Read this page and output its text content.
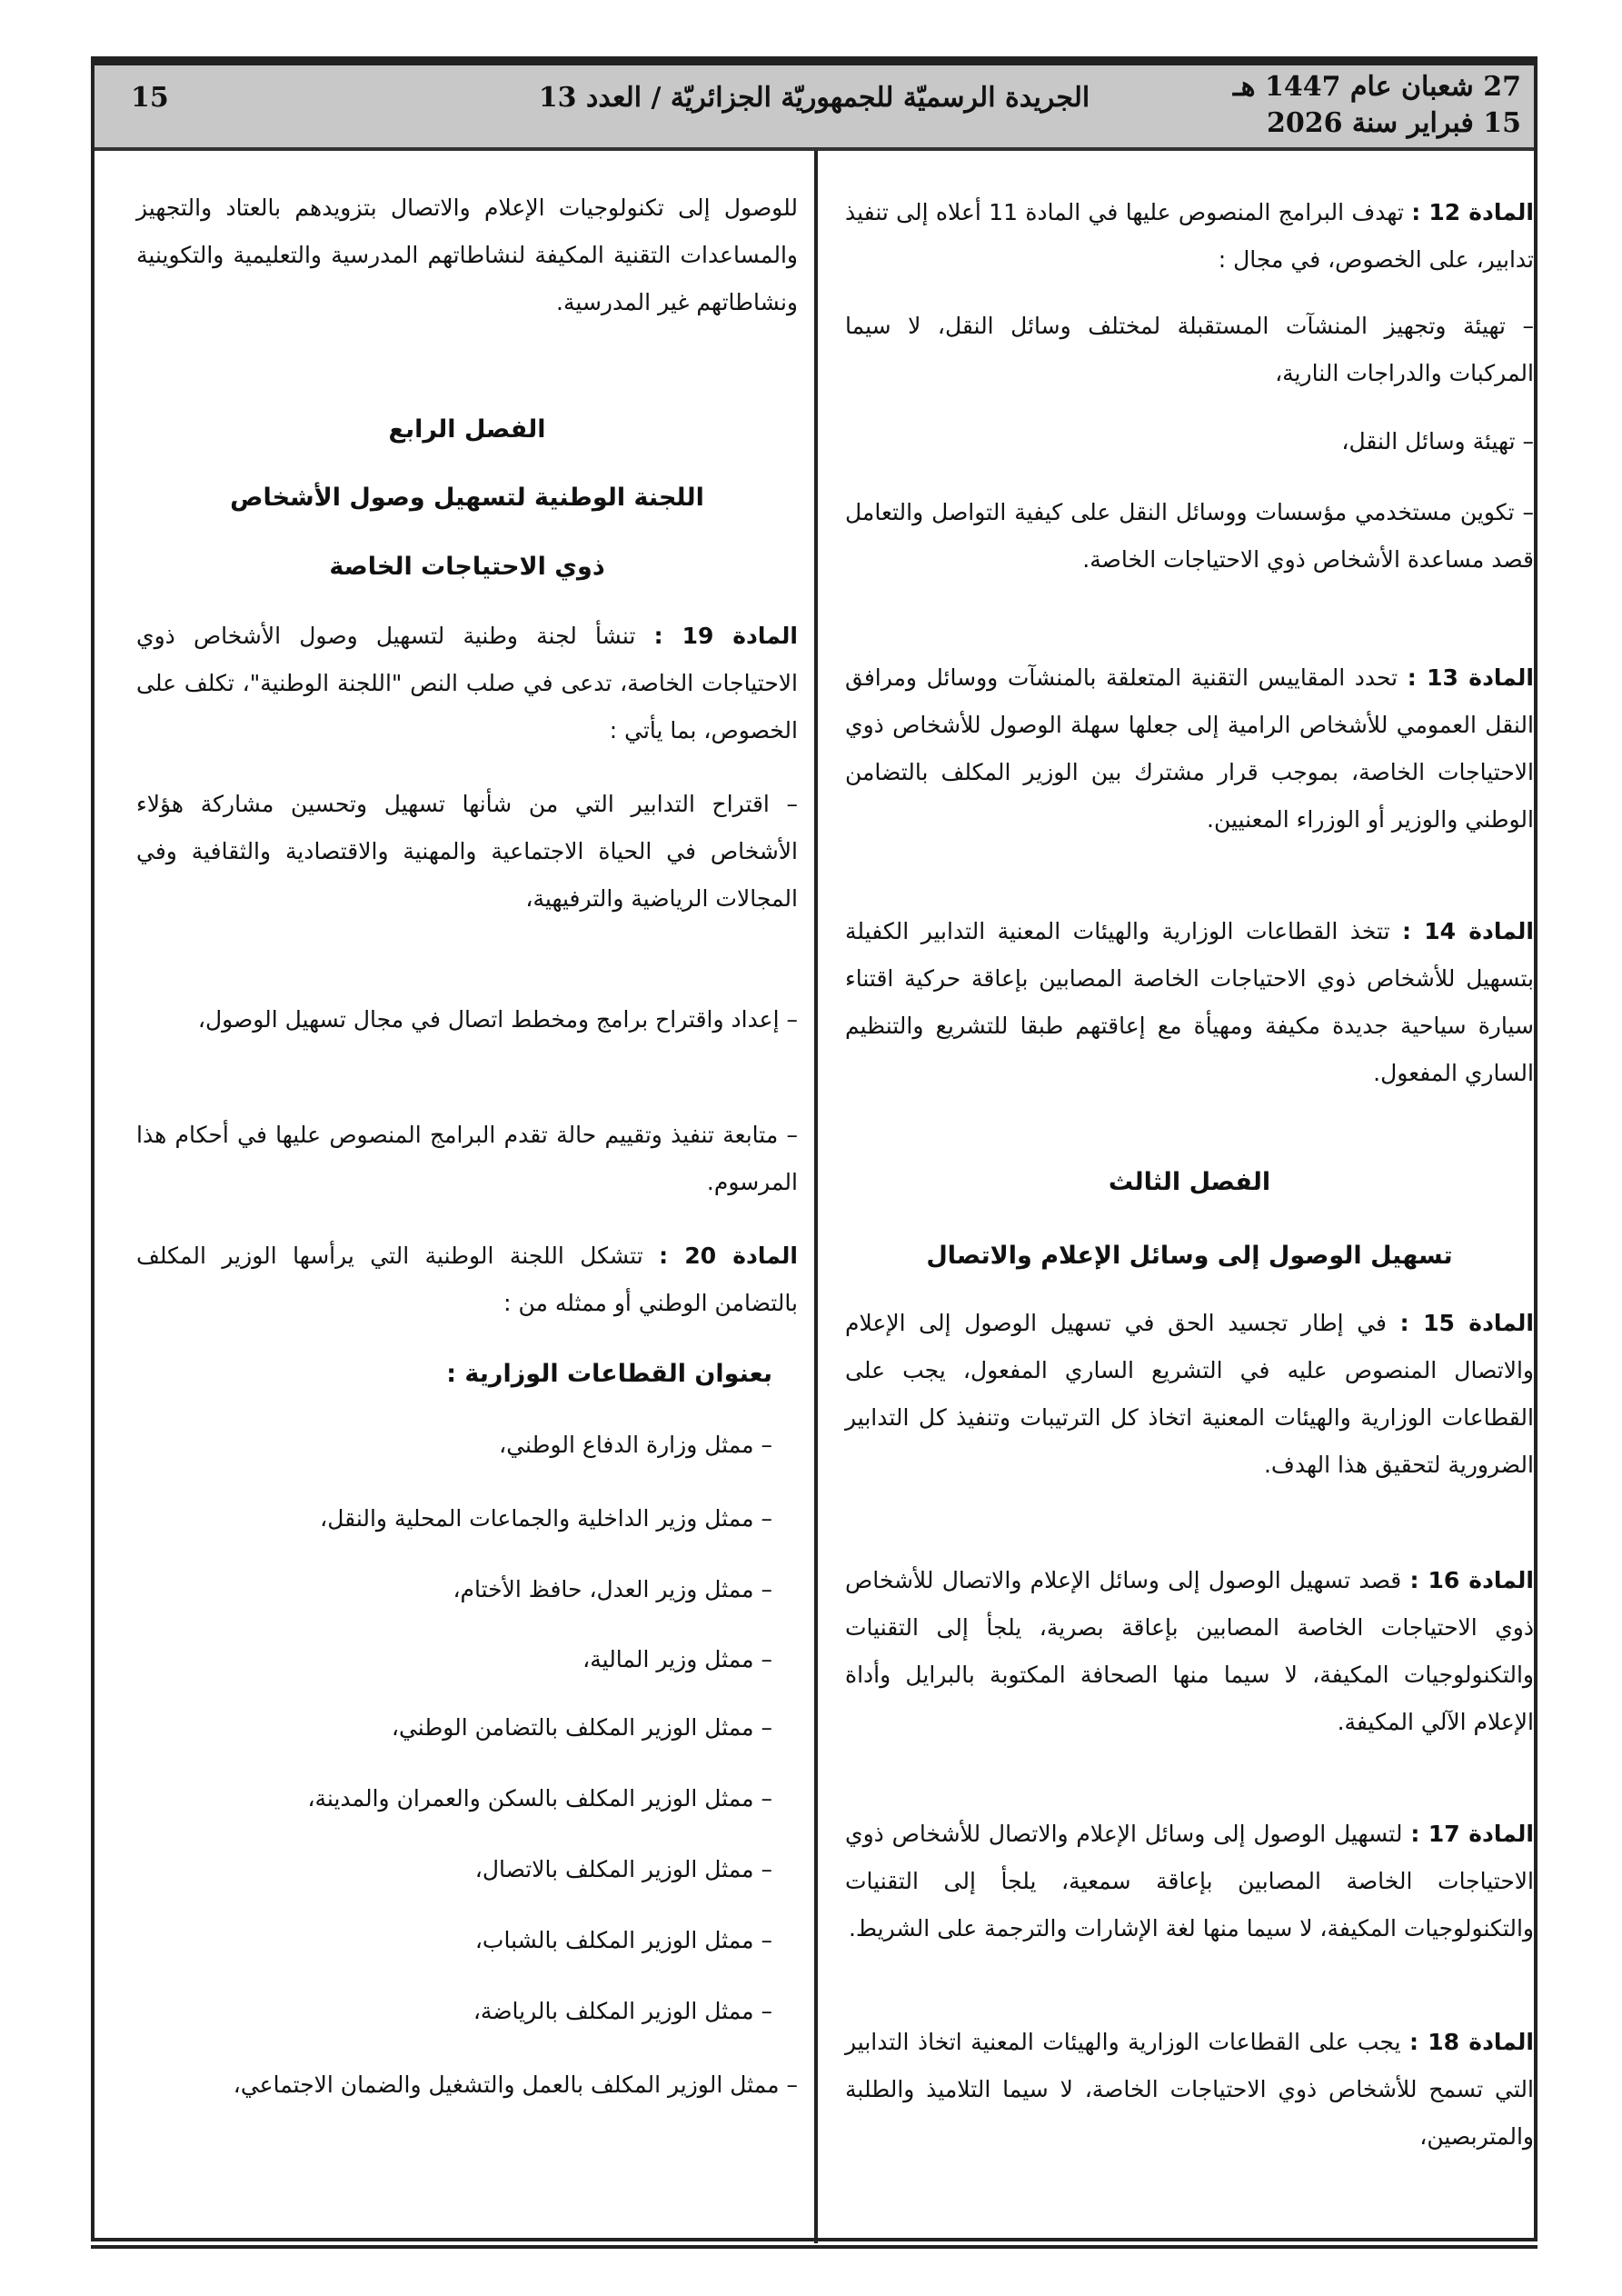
27 شعبان عام 1447 هـ
15 فبراير سنة 2026
الجريدة الرسميّة للجمهوريّة الجزائريّة / العدد 13
15
المادة 12 : تهدف البرامج المنصوص عليها في المادة 11 أعلاه إلى تنفيذ تدابير، على الخصوص، في مجال :
– تهيئة وتجهيز المنشآت المستقبلة لمختلف وسائل النقل، لا سيما المركبات والدراجات النارية،
– تهيئة وسائل النقل،
– تكوين مستخدمي مؤسسات ووسائل النقل على كيفية التواصل والتعامل قصد مساعدة الأشخاص ذوي الاحتياجات الخاصة.
المادة 13 : تحدد المقاييس التقنية المتعلقة بالمنشآت ووسائل ومرافق النقل العمومي للأشخاص الرامية إلى جعلها سهلة الوصول للأشخاص ذوي الاحتياجات الخاصة، بموجب قرار مشترك بين الوزير المكلف بالتضامن الوطني والوزير أو الوزراء المعنيين.
المادة 14 : تتخذ القطاعات الوزارية والهيئات المعنية التدابير الكفيلة بتسهيل للأشخاص ذوي الاحتياجات الخاصة المصابين بإعاقة حركية اقتناء سيارة سياحية جديدة مكيفة ومهيأة مع إعاقتهم طبقا للتشريع والتنظيم الساري المفعول.
الفصل الثالث
تسهيل الوصول إلى وسائل الإعلام والاتصال
المادة 15 : في إطار تجسيد الحق في تسهيل الوصول إلى الإعلام والاتصال المنصوص عليه في التشريع الساري المفعول، يجب على القطاعات الوزارية والهيئات المعنية اتخاذ كل الترتيبات وتنفيذ كل التدابير الضرورية لتحقيق هذا الهدف.
المادة 16 : قصد تسهيل الوصول إلى وسائل الإعلام والاتصال للأشخاص ذوي الاحتياجات الخاصة المصابين بإعاقة بصرية، يلجأ إلى التقنيات والتكنولوجيات المكيفة، لا سيما منها الصحافة المكتوبة بالبرايل وأداة الإعلام الآلي المكيفة.
المادة 17 : لتسهيل الوصول إلى وسائل الإعلام والاتصال للأشخاص ذوي الاحتياجات الخاصة المصابين بإعاقة سمعية، يلجأ إلى التقنيات والتكنولوجيات المكيفة، لا سيما منها لغة الإشارات والترجمة على الشريط.
المادة 18 : يجب على القطاعات الوزارية والهيئات المعنية اتخاذ التدابير التي تسمح للأشخاص ذوي الاحتياجات الخاصة، لا سيما التلاميذ والطلبة والمتربصين،
للوصول إلى تكنولوجيات الإعلام والاتصال بتزويدهم بالعتاد والتجهيز والمساعدات التقنية المكيفة لنشاطاتهم المدرسية والتعليمية والتكوينية ونشاطاتهم غير المدرسية.
الفصل الرابع
اللجنة الوطنية لتسهيل وصول الأشخاص
ذوي الاحتياجات الخاصة
المادة 19 : تنشأ لجنة وطنية لتسهيل وصول الأشخاص ذوي الاحتياجات الخاصة، تدعى في صلب النص "اللجنة الوطنية"، تكلف على الخصوص، بما يأتي :
– اقتراح التدابير التي من شأنها تسهيل وتحسين مشاركة هؤلاء الأشخاص في الحياة الاجتماعية والمهنية والاقتصادية والثقافية وفي المجالات الرياضية والترفيهية،
– إعداد واقتراح برامج ومخطط اتصال في مجال تسهيل الوصول،
– متابعة تنفيذ وتقييم حالة تقدم البرامج المنصوص عليها في أحكام هذا المرسوم.
المادة 20 : تتشكل اللجنة الوطنية التي يرأسها الوزير المكلف بالتضامن الوطني أو ممثله من :
بعنوان القطاعات الوزارية :
– ممثل وزارة الدفاع الوطني،
– ممثل وزير الداخلية والجماعات المحلية والنقل،
– ممثل وزير العدل، حافظ الأختام،
– ممثل وزير المالية،
– ممثل الوزير المكلف بالتضامن الوطني،
– ممثل الوزير المكلف بالسكن والعمران والمدينة،
– ممثل الوزير المكلف بالاتصال،
– ممثل الوزير المكلف بالشباب،
– ممثل الوزير المكلف بالرياضة،
– ممثل الوزير المكلف بالعمل والتشغيل والضمان الاجتماعي،
